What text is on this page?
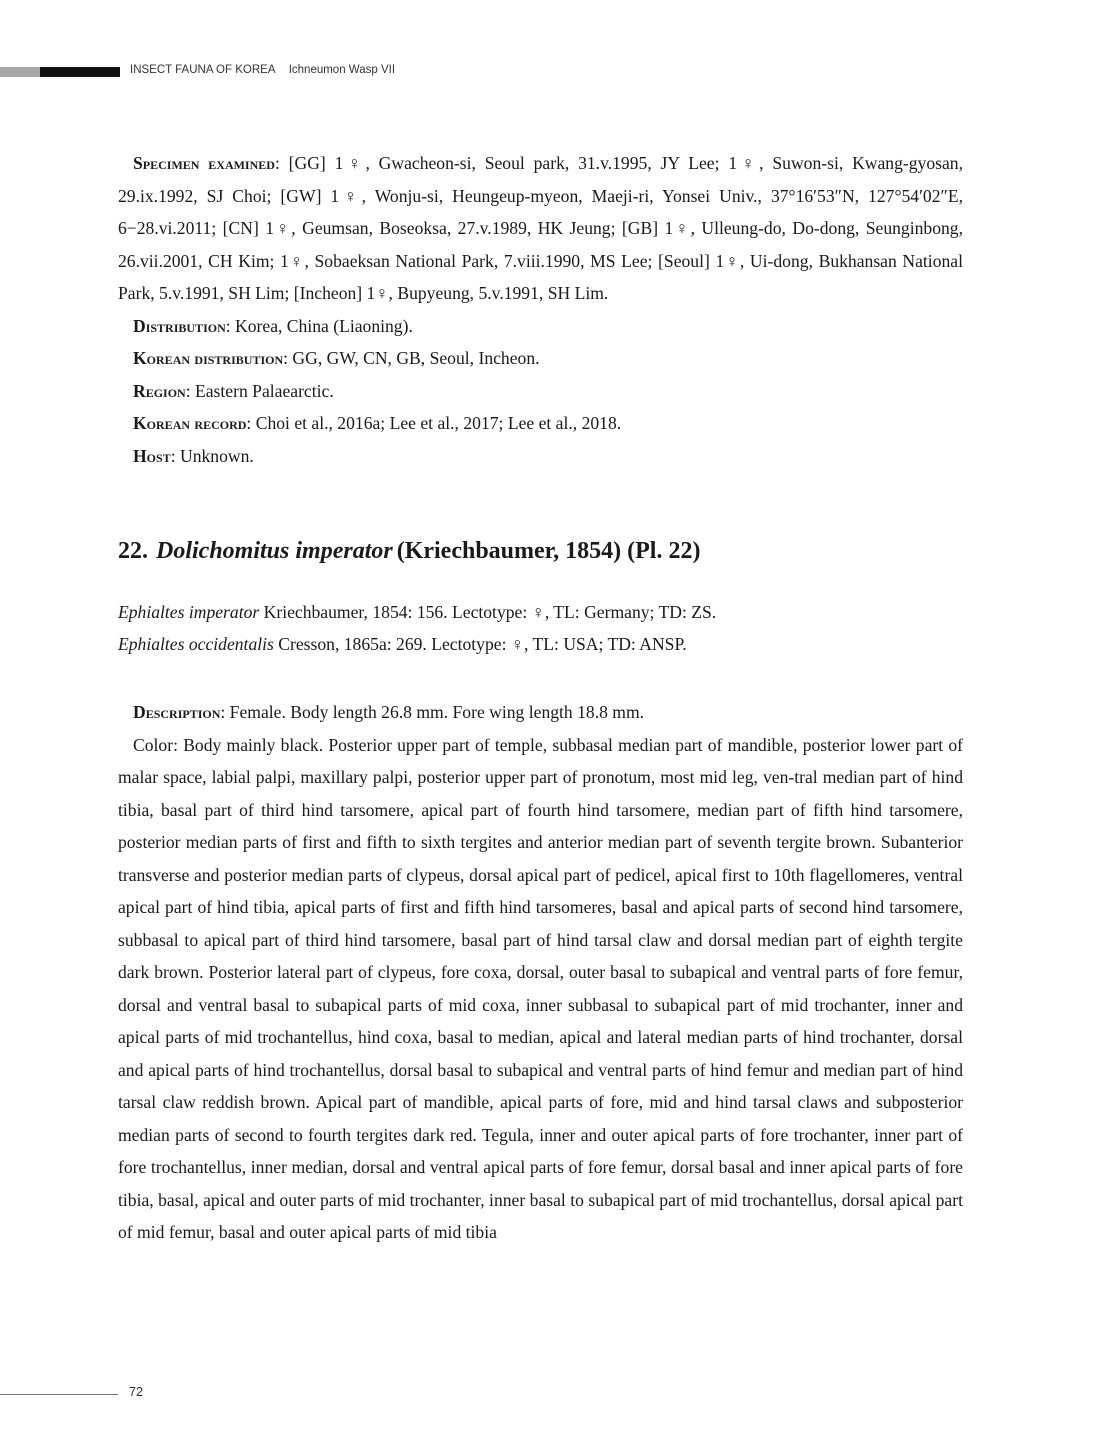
INSECT FAUNA OF KOREA Ichneumon Wasp VII

Specimen examined: [GG] 1♀, Gwacheon-si, Seoul park, 31.v.1995, JY Lee; 1♀, Suwon-si, Kwang-gyosan, 29.ix.1992, SJ Choi; [GW] 1♀, Wonju-si, Heungeup-myeon, Maeji-ri, Yonsei Univ., 37°16′53″N, 127°54′02″E, 6−28.vi.2011; [CN] 1♀, Geumsan, Boseoksa, 27.v.1989, HK Jeung; [GB] 1♀, Ulleung-do, Do-dong, Seunginbong, 26.vii.2001, CH Kim; 1♀, Sobaeksan National Park, 7.viii.1990, MS Lee; [Seoul] 1♀, Ui-dong, Bukhansan National Park, 5.v.1991, SH Lim; [Incheon] 1♀, Bupyeung, 5.v.1991, SH Lim.

Distribution: Korea, China (Liaoning).

Korean distribution: GG, GW, CN, GB, Seoul, Incheon.

Region: Eastern Palaearctic.

Korean record: Choi et al., 2016a; Lee et al., 2017; Lee et al., 2018.

Host: Unknown.

22. Dolichomitus imperator (Kriechbaumer, 1854) (Pl. 22)

Ephialtes imperator Kriechbaumer, 1854: 156. Lectotype: ♀, TL: Germany; TD: ZS.

Ephialtes occidentalis Cresson, 1865a: 269. Lectotype: ♀, TL: USA; TD: ANSP.

Description: Female. Body length 26.8 mm. Fore wing length 18.8 mm.

Color: Body mainly black. Posterior upper part of temple, subbasal median part of mandible, posterior lower part of malar space, labial palpi, maxillary palpi, posterior upper part of pronotum, most mid leg, ven-tral median part of hind tibia, basal part of third hind tarsomere, apical part of fourth hind tarsomere, median part of fifth hind tarsomere, posterior median parts of first and fifth to sixth tergites and anterior median part of seventh tergite brown. Subanterior transverse and posterior median parts of clypeus, dorsal apical part of pedicel, apical first to 10th flagellomeres, ventral apical part of hind tibia, apical parts of first and fifth hind tarsomeres, basal and apical parts of second hind tarsomere, subbasal to apical part of third hind tarsomere, basal part of hind tarsal claw and dorsal median part of eighth tergite dark brown. Posterior lateral part of clypeus, fore coxa, dorsal, outer basal to subapical and ventral parts of fore femur, dorsal and ventral basal to subapical parts of mid coxa, inner subbasal to subapical part of mid trochanter, inner and apical parts of mid trochantellus, hind coxa, basal to median, apical and lateral median parts of hind trochanter, dorsal and apical parts of hind trochantellus, dorsal basal to subapical and ventral parts of hind femur and median part of hind tarsal claw reddish brown. Apical part of mandible, apical parts of fore, mid and hind tarsal claws and subposterior median parts of second to fourth tergites dark red. Tegula, inner and outer apical parts of fore trochanter, inner part of fore trochantellus, inner median, dorsal and ventral apical parts of fore femur, dorsal basal and inner apical parts of fore tibia, basal, apical and outer parts of mid trochanter, inner basal to subapical part of mid trochantellus, dorsal apical part of mid femur, basal and outer apical parts of mid tibia

72
